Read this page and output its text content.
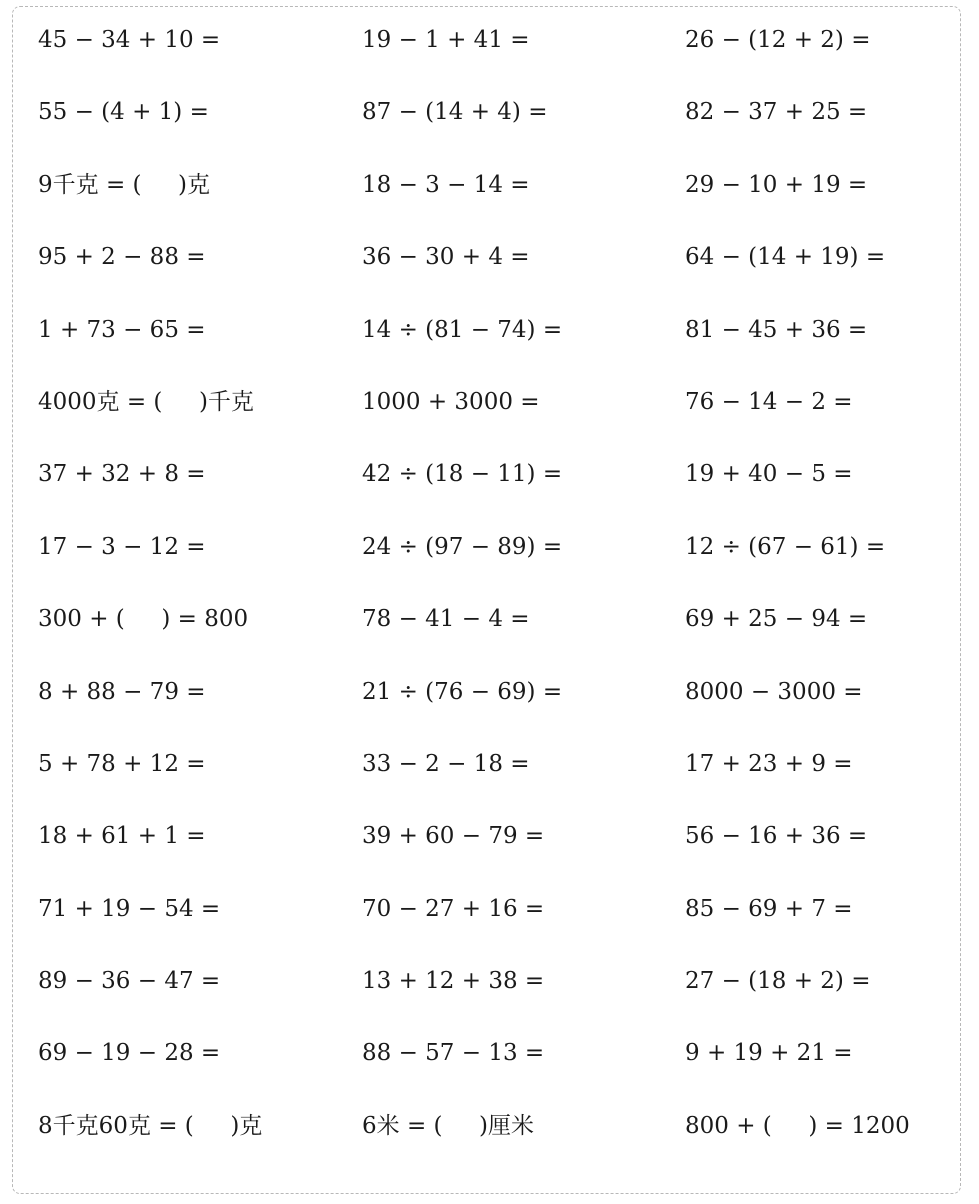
45 − 34 + 10 =	19 − 1 + 41 =	26 − (12 + 2) =
55 − (4 + 1) =	87 − (14 + 4) =	82 − 37 + 25 =
9千克 = (     )克	18 − 3 − 14 =	29 − 10 + 19 =
95 + 2 − 88 =	36 − 30 + 4 =	64 − (14 + 19) =
1 + 73 − 65 =	14 ÷ (81 − 74) =	81 − 45 + 36 =
4000克 = (     )千克	1000 + 3000 =	76 − 14 − 2 =
37 + 32 + 8 =	42 ÷ (18 − 11) =	19 + 40 − 5 =
17 − 3 − 12 =	24 ÷ (97 − 89) =	12 ÷ (67 − 61) =
300 + (     ) = 800	78 − 41 − 4 =	69 + 25 − 94 =
8 + 88 − 79 =	21 ÷ (76 − 69) =	8000 − 3000 =
5 + 78 + 12 =	33 − 2 − 18 =	17 + 23 + 9 =
18 + 61 + 1 =	39 + 60 − 79 =	56 − 16 + 36 =
71 + 19 − 54 =	70 − 27 + 16 =	85 − 69 + 7 =
89 − 36 − 47 =	13 + 12 + 38 =	27 − (18 + 2) =
69 − 19 − 28 =	88 − 57 − 13 =	9 + 19 + 21 =
8千克60克 = (     )克	6米 = (     )厘米	800 + (     ) = 1200
